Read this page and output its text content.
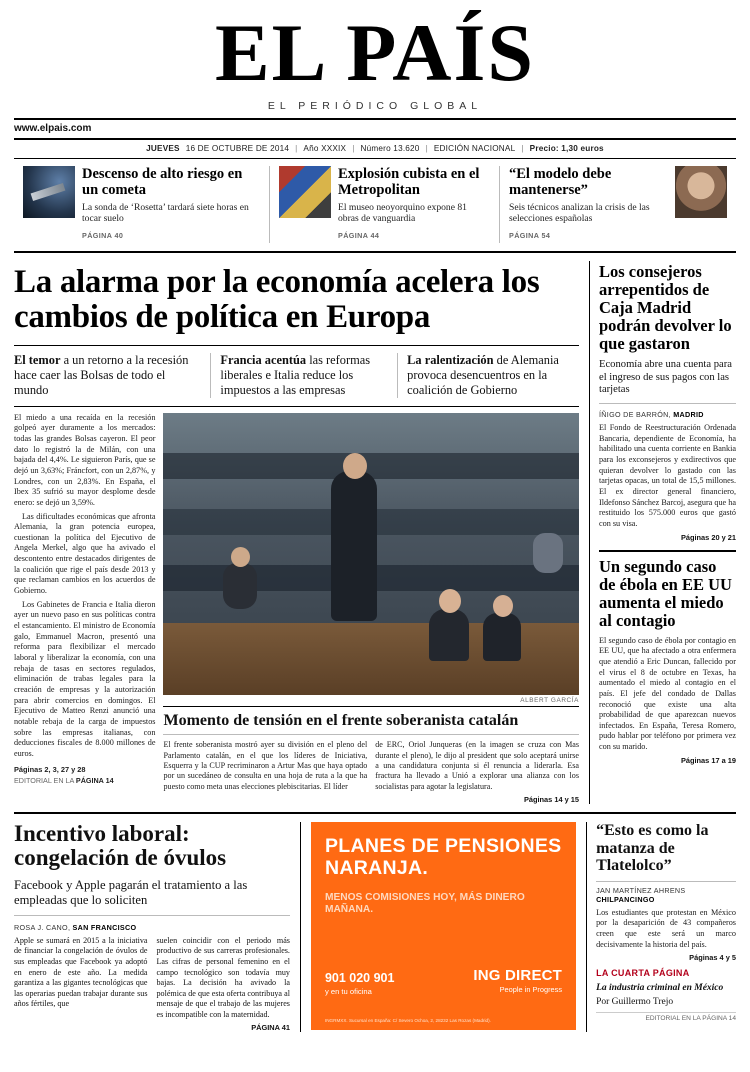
EL PAÍS
EL PERIÓDICO GLOBAL
www.elpais.com
JUEVES 16 DE OCTUBRE DE 2014 | Año XXXIX | Número 13.620 | EDICIÓN NACIONAL | Precio: 1,30 euros

Descenso de alto riesgo en un cometa

La sonda de ‘Rosetta’ tardará siete horas en tocar suelo

PÁGINA 40

Explosión cubista en el Metropolitan

El museo neoyorquino expone 81 obras de vanguardia

PÁGINA 44

“El modelo debe mantenerse”

Seis técnicos analizan la crisis de las selecciones españolas

PÁGINA 54
La alarma por la economía acelera los cambios de política en Europa
El temor a un retorno a la recesión hace caer las Bolsas de todo el mundo
Francia acentúa las reformas liberales e Italia reduce los impuestos a las empresas
La ralentización de Alemania provoca desencuentros en la coalición de Gobierno

El miedo a una recaída en la recesión golpeó ayer duramente a los mercados: todas las grandes Bolsas cayeron. El peor dato lo registró la de Milán, con una bajada del 4,4%. Le siguieron París, que se dejó un 3,63%; Fráncfort, con un 2,87%, y Londres, con un 2,83%. En España, el Ibex 35 sufrió su mayor desplome desde enero: se dejó un 3,59%.

Las dificultades económicas que afronta Alemania, la gran potencia europea, cuestionan la política del Ejecutivo de Angela Merkel, algo que ha avivado el descontento entre destacados dirigentes de la coalición que rige el país desde 2013 y que reclaman cambios en los acuerdos de Gobierno.

Los Gabinetes de Francia e Italia dieron ayer un nuevo paso en sus políticas contra el estancamiento. El ministro de Economía galo, Emmanuel Macron, presentó una reforma para flexibilizar el mercado laboral y liberalizar la economía, con una rebaja de tasas en sectores regulados, eliminación de trabas legales para la creación de empresas y la autorización para abrir comercios en domingos. El Ejecutivo de Matteo Renzi anunció una notable rebaja de la carga de impuestos sobre las empresas italianas, con deducciones fiscales de 8.000 millones de euros.

Páginas 2, 3, 27 y 28
EDITORIAL EN LA PÁGINA 14
ALBERT GARCÍA

Momento de tensión en el frente soberanista catalán

El frente soberanista mostró ayer su división en el pleno del Parlamento catalán, en el que los líderes de Iniciativa, Esquerra y la CUP recriminaron a Artur Mas que haya optado por un sucedáneo de consulta en una hoja de ruta a la que ha puesto como meta unas elecciones plebiscitarias. El líder

de ERC, Oriol Junqueras (en la imagen se cruza con Mas durante el pleno), le dijo al president que solo aceptará unirse a una candidatura conjunta si él renuncia a liderarla. Esa fractura ha llevado a Unió a explorar una alianza con los socialistas para agotar la legislatura.

Páginas 14 y 15
Los consejeros arrepentidos de Caja Madrid podrán devolver lo que gastaron

Economía abre una cuenta para el ingreso de sus pagos con las tarjetas

ÍÑIGO DE BARRÓN, MADRID

El Fondo de Reestructuración Ordenada Bancaria, dependiente de Economía, ha habilitado una cuenta corriente en Bankia para los exconsejeros y exdirectivos que quieran devolver lo gastado con las tarjetas opacas, un total de 15,5 millones. El ex director general financiero, Ildefonso Sánchez Barcoj, asegura que ha restituido los 575.000 euros que gastó con su visa.

Páginas 20 y 21
Un segundo caso de ébola en EE UU aumenta el miedo al contagio

El segundo caso de ébola por contagio en EE UU, que ha afectado a otra enfermera que atendió a Eric Duncan, fallecido por el virus el 8 de octubre en Texas, ha aumentado el miedo al contagio en el país. El jefe del condado de Dallas reconoció que existe una alta probabilidad de que aparezcan nuevos infectados. En España, Teresa Romero, pudo hablar por teléfono por primera vez con su marido.

Páginas 17 a 19
Incentivo laboral: congelación de óvulos

Facebook y Apple pagarán el tratamiento a las empleadas que lo soliciten

ROSA J. CANO, SAN FRANCISCO

Apple se sumará en 2015 a la iniciativa de financiar la congelación de óvulos de sus empleadas que Facebook ya adoptó en enero de este año. La medida garantiza a las gigantes tecnológicas que las operarias puedan trabajar durante sus años fértiles, que

suelen coincidir con el periodo más productivo de sus carreras profesionales. Las cifras de personal femenino en el campo tecnológico son todavía muy bajas. La decisión ha avivado la polémica de que esta oferta contribuya al mensaje de que el trabajo de las mujeres es incompatible con la maternidad.

PÁGINA 41
PLANES DE PENSIONES NARANJA.
MENOS COMISIONES HOY, MÁS DINERO MAÑANA.
901 020 901
y en tu oficina
ING DIRECT
People in Progress
INGRMXX. Sucursal en España: C/ Severo Ochoa, 2, 28232 Las Rozas (Madrid).
“Esto es como la matanza de Tlatelolco”
JAN MARTÍNEZ AHRENS
CHILPANCINGO

Los estudiantes que protestan en México por la desaparición de 43 compañeros creen que este será un marco decisivamente la historia del país.

Páginas 4 y 5
LA CUARTA PÁGINA
La industria criminal en México Por Guillermo Trejo
EDITORIAL EN LA PÁGINA 14
